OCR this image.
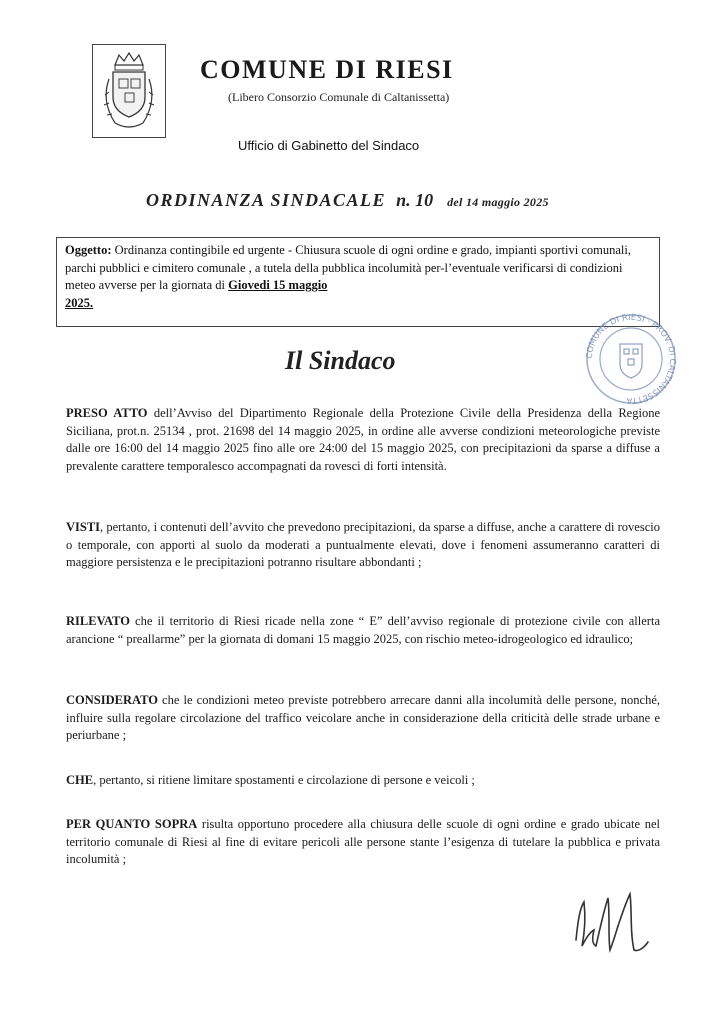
COMUNE DI RIESI
(Libero Consorzio Comunale di Caltanissetta)
Ufficio di Gabinetto del Sindaco
ORDINANZA SINDACALE n. 10 del 14 maggio 2025
Oggetto: Ordinanza contingibile ed urgente - Chiusura scuole di ogni ordine e grado, impianti sportivi comunali, parchi pubblici e cimitero comunale , a tutela della pubblica incolumità per-l’eventuale verificarsi di condizioni meteo avverse per la giornata di Giovedi 15 maggio
2025.
COMUNE DI RIESI · PROV. DI CALTANISSETTA
Il Sindaco
PRESO ATTO dell’Avviso del Dipartimento Regionale della Protezione Civile della Presidenza della Regione Siciliana, prot.n. 25134 , prot. 21698 del 14 maggio 2025, in ordine alle avverse condizioni meteorologiche previste dalle ore 16:00 del 14 maggio 2025 fino alle ore 24:00 del 15 maggio 2025, con precipitazioni da sparse a diffuse a prevalente carattere temporalesco accompagnati da rovesci di forti intensità.
VISTI, pertanto, i contenuti dell’avvito che prevedono precipitazioni, da sparse a diffuse, anche a carattere di rovescio o temporale, con apporti al suolo da moderati a puntualmente elevati, dove i fenomeni assumeranno caratteri di maggiore persistenza e le precipitazioni potranno risultare abbondanti ;
RILEVATO che il territorio di Riesi ricade nella zone “ E” dell’avviso regionale di protezione civile con allerta arancione “ preallarme” per la giornata di domani 15 maggio 2025, con rischio meteo-idrogeologico ed idraulico;
CONSIDERATO che le condizioni meteo previste potrebbero arrecare danni alla incolumità delle persone, nonché, influire sulla regolare circolazione del traffico veicolare anche in considerazione della criticità delle strade urbane e periurbane ;
CHE, pertanto, si ritiene limitare spostamenti e circolazione di persone e veicoli ;
PER QUANTO SOPRA risulta opportuno procedere alla chiusura delle scuole di ogni ordine e grado ubicate nel territorio comunale di Riesi al fine di evitare pericoli alle persone stante l’esigenza di tutelare la pubblica e privata incolumità ;
